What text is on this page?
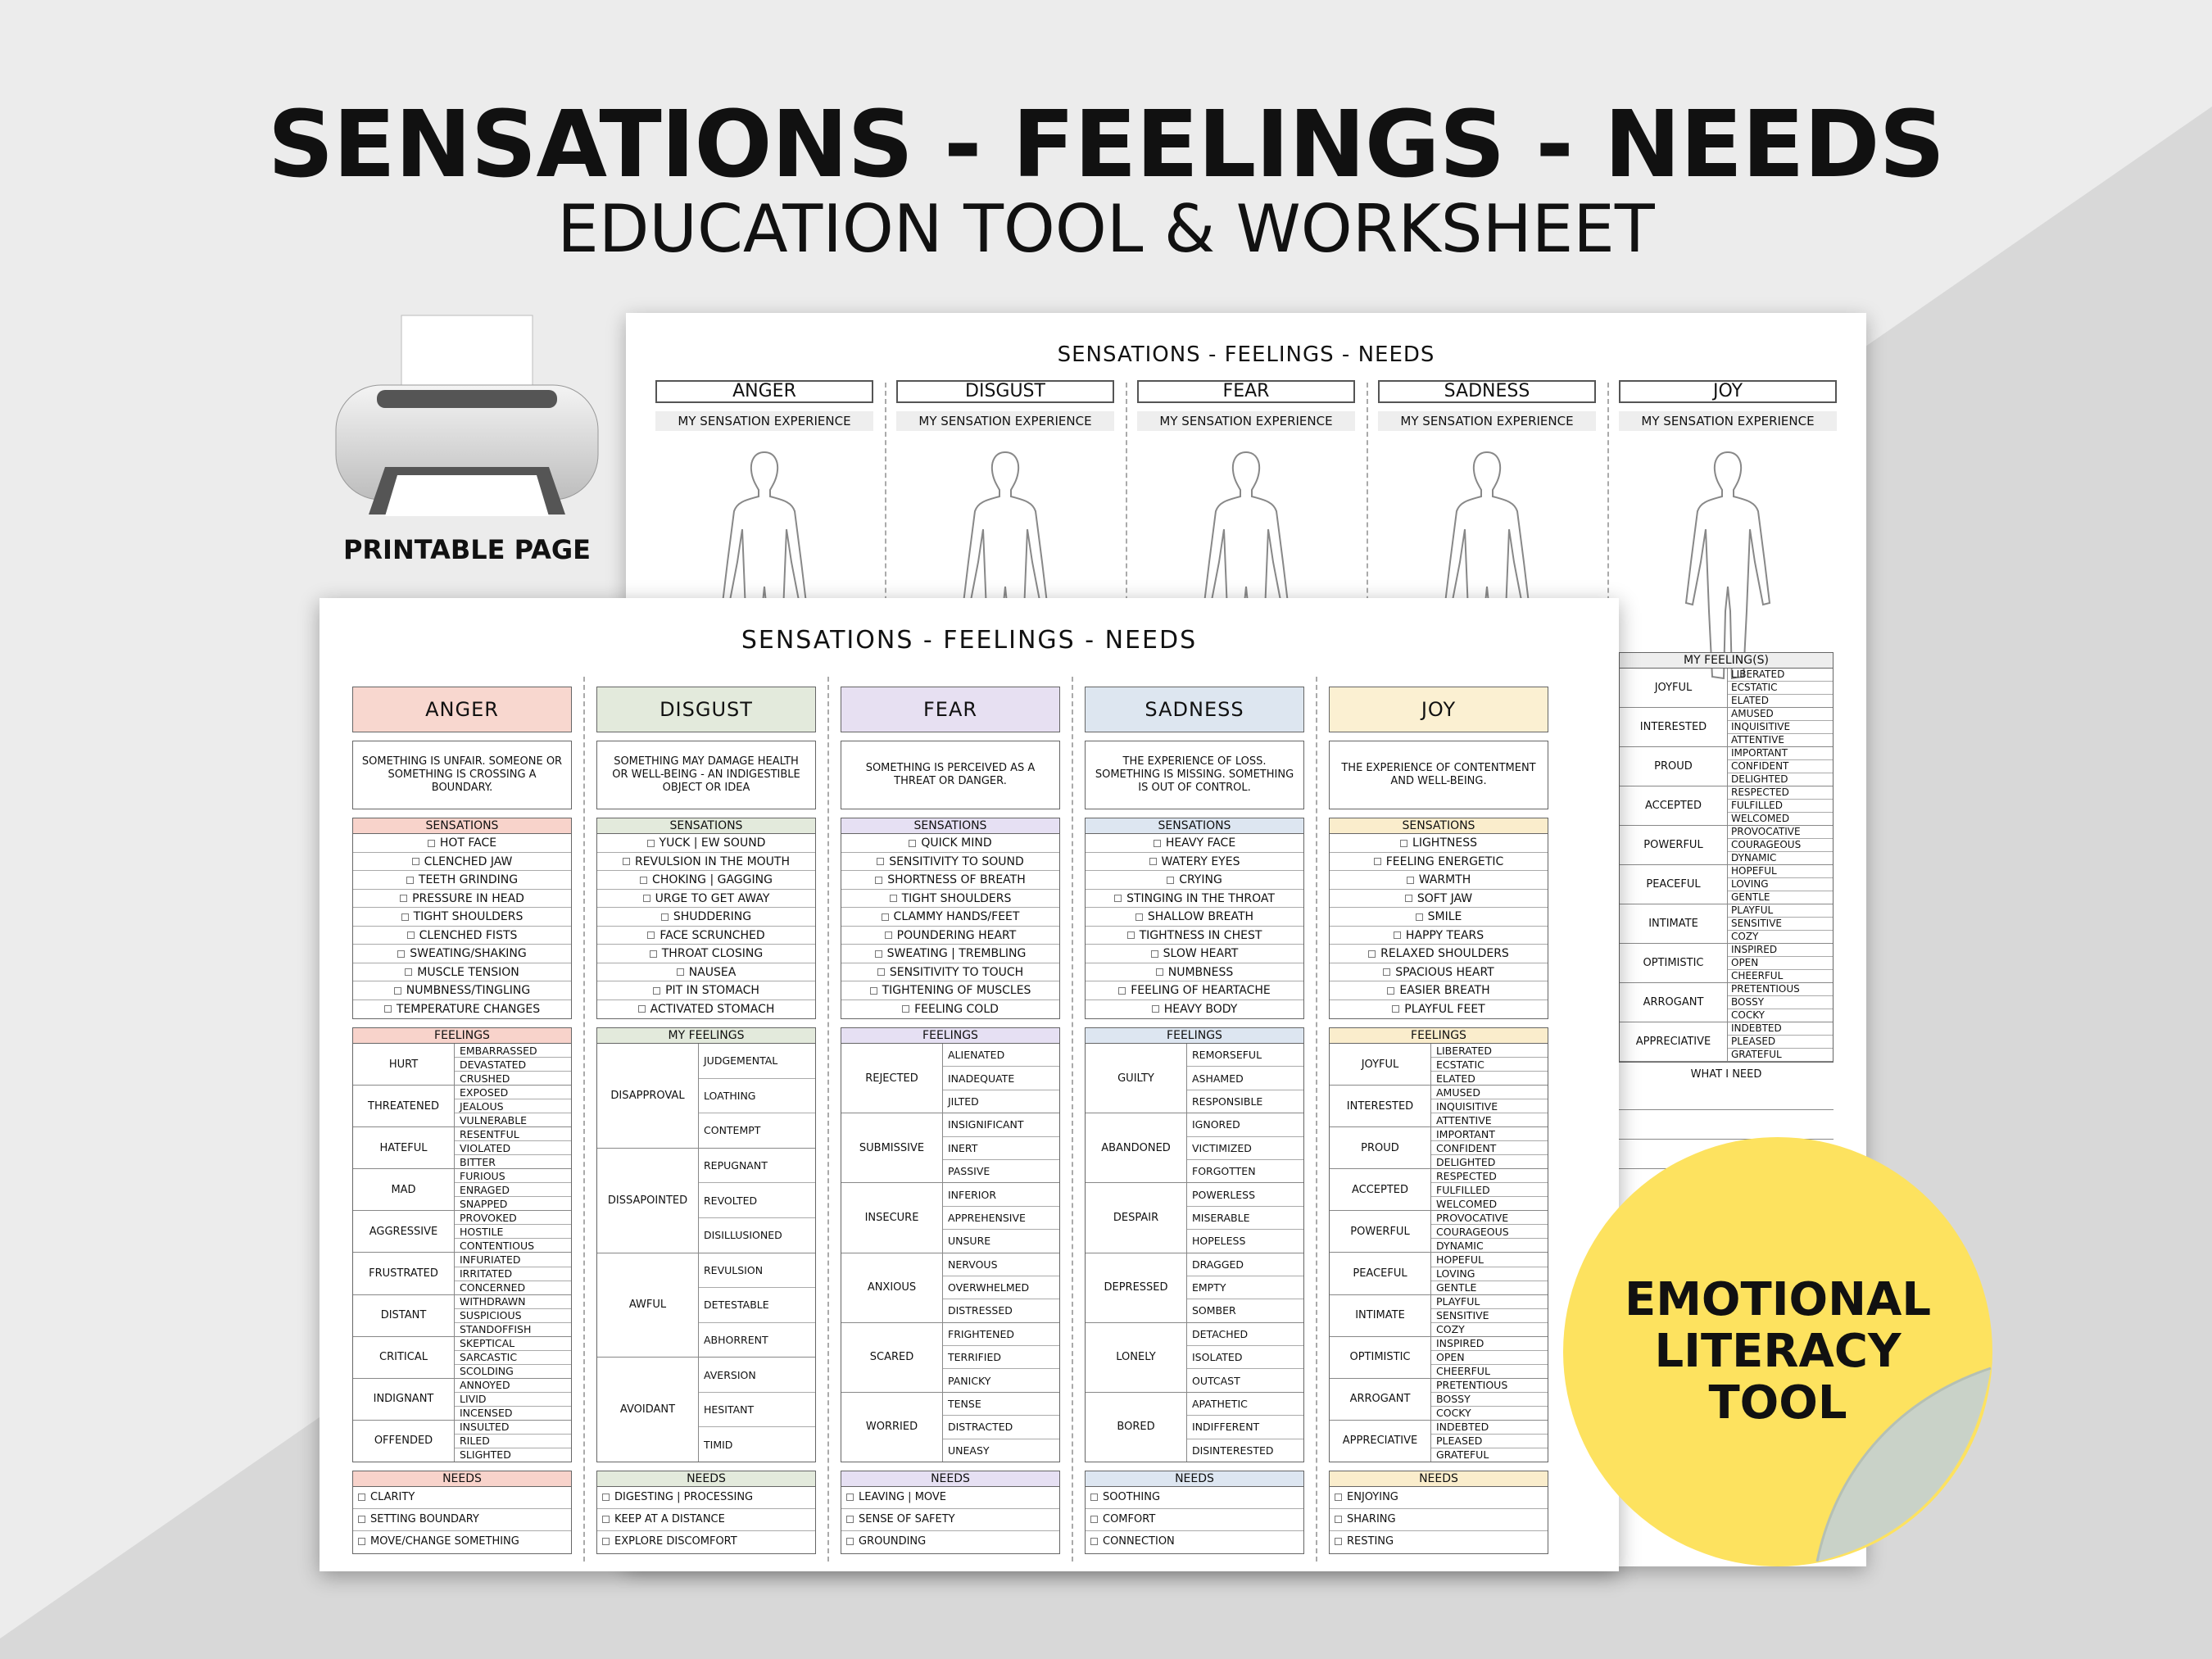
SENSATIONS - FEELINGS - NEEDS
EDUCATION TOOL & WORKSHEET
PRINTABLE PAGE
SENSATIONS - FEELINGS - NEEDS
ANGER
MY SENSATION EXPERIENCE
DISGUST
MY SENSATION EXPERIENCE
FEAR
MY SENSATION EXPERIENCE
SADNESS
MY SENSATION EXPERIENCE
JOY
MY SENSATION EXPERIENCE
MY FEELING(S)
JOYFUL
LIBERATED
ECSTATIC
ELATED
INTERESTED
AMUSED
INQUISITIVE
ATTENTIVE
PROUD
IMPORTANT
CONFIDENT
DELIGHTED
ACCEPTED
RESPECTED
FULFILLED
WELCOMED
POWERFUL
PROVOCATIVE
COURAGEOUS
DYNAMIC
PEACEFUL
HOPEFUL
LOVING
GENTLE
INTIMATE
PLAYFUL
SENSITIVE
COZY
OPTIMISTIC
INSPIRED
OPEN
CHEERFUL
ARROGANT
PRETENTIOUS
BOSSY
COCKY
APPRECIATIVE
INDEBTED
PLEASED
GRATEFUL
WHAT I NEED
SENSATIONS - FEELINGS - NEEDS
ANGER
SOMETHING IS UNFAIR. SOMEONE OR SOMETHING IS CROSSING A BOUNDARY.
SENSATIONS
HOT FACE
CLENCHED JAW
TEETH GRINDING
PRESSURE IN HEAD
TIGHT SHOULDERS
CLENCHED FISTS
SWEATING/SHAKING
MUSCLE TENSION
NUMBNESS/TINGLING
TEMPERATURE CHANGES
FEELINGS
HURT
EMBARRASSED
DEVASTATED
CRUSHED
THREATENED
EXPOSED
JEALOUS
VULNERABLE
HATEFUL
RESENTFUL
VIOLATED
BITTER
MAD
FURIOUS
ENRAGED
SNAPPED
AGGRESSIVE
PROVOKED
HOSTILE
CONTENTIOUS
FRUSTRATED
INFURIATED
IRRITATED
CONCERNED
DISTANT
WITHDRAWN
SUSPICIOUS
STANDOFFISH
CRITICAL
SKEPTICAL
SARCASTIC
SCOLDING
INDIGNANT
ANNOYED
LIVID
INCENSED
OFFENDED
INSULTED
RILED
SLIGHTED
NEEDS
CLARITY
SETTING BOUNDARY
MOVE/CHANGE SOMETHING
DISGUST
SOMETHING MAY DAMAGE HEALTH OR WELL-BEING - AN INDIGESTIBLE OBJECT OR IDEA
SENSATIONS
YUCK | EW SOUND
REVULSION IN THE MOUTH
CHOKING | GAGGING
URGE TO GET AWAY
SHUDDERING
FACE SCRUNCHED
THROAT CLOSING
NAUSEA
PIT IN STOMACH
ACTIVATED STOMACH
MY FEELINGS
DISAPPROVAL
JUDGEMENTAL
LOATHING
CONTEMPT
DISSAPOINTED
REPUGNANT
REVOLTED
DISILLUSIONED
AWFUL
REVULSION
DETESTABLE
ABHORRENT
AVOIDANT
AVERSION
HESITANT
TIMID
NEEDS
DIGESTING | PROCESSING
KEEP AT A DISTANCE
EXPLORE DISCOMFORT
FEAR
SOMETHING IS PERCEIVED AS A THREAT OR DANGER.
SENSATIONS
QUICK MIND
SENSITIVITY TO SOUND
SHORTNESS OF BREATH
TIGHT SHOULDERS
CLAMMY HANDS/FEET
POUNDERING HEART
SWEATING | TREMBLING
SENSITIVITY TO TOUCH
TIGHTENING OF MUSCLES
FEELING COLD
FEELINGS
REJECTED
ALIENATED
INADEQUATE
JILTED
SUBMISSIVE
INSIGNIFICANT
INERT
PASSIVE
INSECURE
INFERIOR
APPREHENSIVE
UNSURE
ANXIOUS
NERVOUS
OVERWHELMED
DISTRESSED
SCARED
FRIGHTENED
TERRIFIED
PANICKY
WORRIED
TENSE
DISTRACTED
UNEASY
NEEDS
LEAVING | MOVE
SENSE OF SAFETY
GROUNDING
SADNESS
THE EXPERIENCE OF LOSS. SOMETHING IS MISSING. SOMETHING IS OUT OF CONTROL.
SENSATIONS
HEAVY FACE
WATERY EYES
CRYING
STINGING IN THE THROAT
SHALLOW BREATH
TIGHTNESS IN CHEST
SLOW HEART
NUMBNESS
FEELING OF HEARTACHE
HEAVY BODY
FEELINGS
GUILTY
REMORSEFUL
ASHAMED
RESPONSIBLE
ABANDONED
IGNORED
VICTIMIZED
FORGOTTEN
DESPAIR
POWERLESS
MISERABLE
HOPELESS
DEPRESSED
DRAGGED
EMPTY
SOMBER
LONELY
DETACHED
ISOLATED
OUTCAST
BORED
APATHETIC
INDIFFERENT
DISINTERESTED
NEEDS
SOOTHING
COMFORT
CONNECTION
JOY
THE EXPERIENCE OF CONTENTMENT AND WELL-BEING.
SENSATIONS
LIGHTNESS
FEELING ENERGETIC
WARMTH
SOFT JAW
SMILE
HAPPY TEARS
RELAXED SHOULDERS
SPACIOUS HEART
EASIER BREATH
PLAYFUL FEET
FEELINGS
JOYFUL
LIBERATED
ECSTATIC
ELATED
INTERESTED
AMUSED
INQUISITIVE
ATTENTIVE
PROUD
IMPORTANT
CONFIDENT
DELIGHTED
ACCEPTED
RESPECTED
FULFILLED
WELCOMED
POWERFUL
PROVOCATIVE
COURAGEOUS
DYNAMIC
PEACEFUL
HOPEFUL
LOVING
GENTLE
INTIMATE
PLAYFUL
SENSITIVE
COZY
OPTIMISTIC
INSPIRED
OPEN
CHEERFUL
ARROGANT
PRETENTIOUS
BOSSY
COCKY
APPRECIATIVE
INDEBTED
PLEASED
GRATEFUL
NEEDS
ENJOYING
SHARING
RESTING
EMOTIONAL
LITERACY
TOOL
